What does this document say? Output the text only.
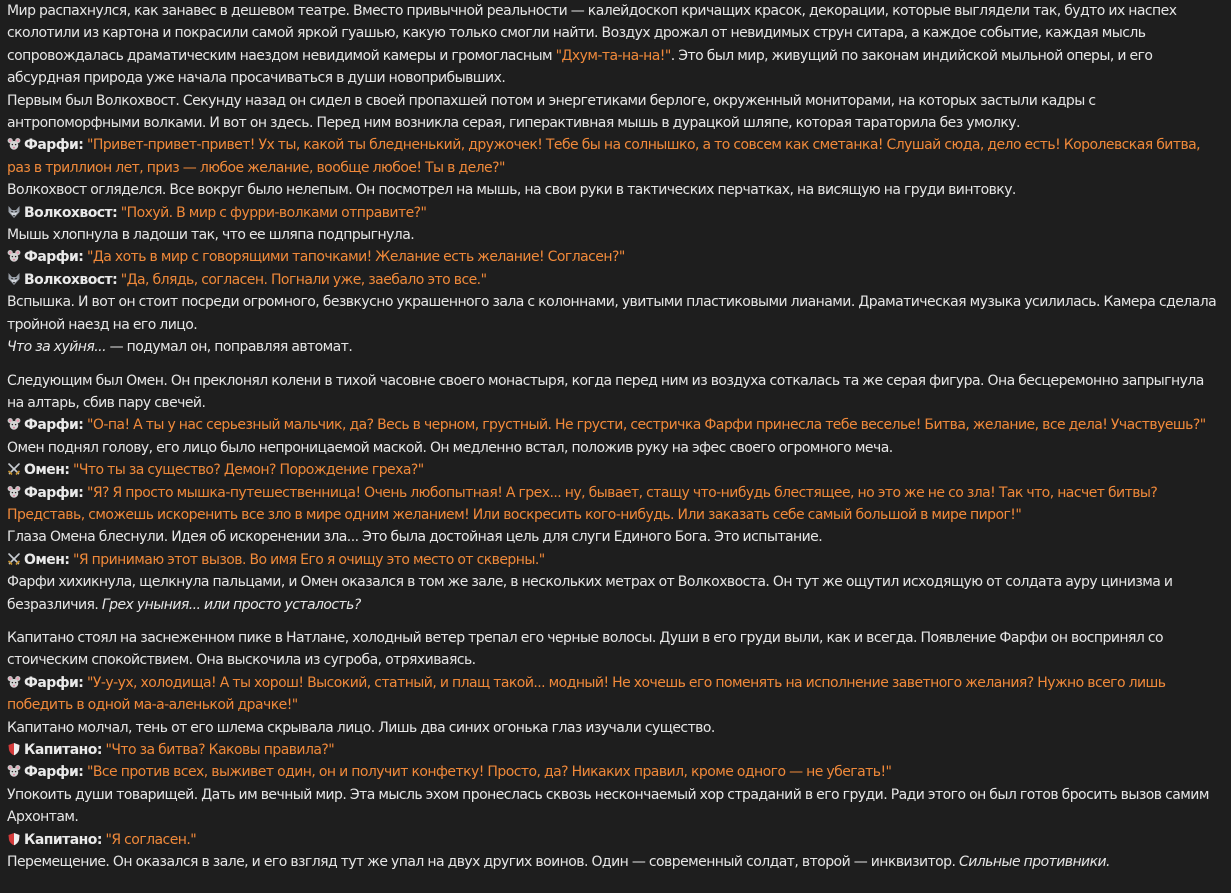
Мир распахнулся, как занавес в дешевом театре. Вместо привычной реальности — калейдоскоп кричащих красок, декорации, которые выглядели так, будто их наспех сколотили из картона и покрасили самой яркой гуашью, какую только смогли найти. Воздух дрожал от невидимых струн ситара, а каждое событие, каждая мысль сопровождалась драматическим наездом невидимой камеры и громогласным "Дхум-та-на-на!". Это был мир, живущий по законам индийской мыльной оперы, и его абсурдная природа уже начала просачиваться в души новоприбывших.
Первым был Волкохвост. Секунду назад он сидел в своей пропахшей потом и энергетиками берлоге, окруженный мониторами, на которых застыли кадры с антропоморфными волками. И вот он здесь. Перед ним возникла серая, гиперактивная мышь в дурацкой шляпе, которая тараторила без умолку.
Фарфи: "Привет-привет-привет! Ух ты, какой ты бледненький, дружочек! Тебе бы на солнышко, а то совсем как сметанка! Слушай сюда, дело есть! Королевская битва, раз в триллион лет, приз — любое желание, вообще любое! Ты в деле?"
Волкохвост огляделся. Все вокруг было нелепым. Он посмотрел на мышь, на свои руки в тактических перчатках, на висящую на груди винтовку.
Волкохвост: "Похуй. В мир с фурри-волками отправите?"
Мышь хлопнула в ладоши так, что ее шляпа подпрыгнула.
Фарфи: "Да хоть в мир с говорящими тапочками! Желание есть желание! Согласен?"
Волкохвост: "Да, блядь, согласен. Погнали уже, заебало это все."
Вспышка. И вот он стоит посреди огромного, безвкусно украшенного зала с колоннами, увитыми пластиковыми лианами. Драматическая музыка усилилась. Камера сделала тройной наезд на его лицо.
Что за хуйня... — подумал он, поправляя автомат.
Следующим был Омен. Он преклонял колени в тихой часовне своего монастыря, когда перед ним из воздуха соткалась та же серая фигура. Она бесцеремонно запрыгнула на алтарь, сбив пару свечей.
Фарфи: "О-па! А ты у нас серьезный мальчик, да? Весь в черном, грустный. Не грусти, сестричка Фарфи принесла тебе веселье! Битва, желание, все дела! Участвуешь?"
Омен поднял голову, его лицо было непроницаемой маской. Он медленно встал, положив руку на эфес своего огромного меча.
Омен: "Что ты за существо? Демон? Порождение греха?"
Фарфи: "Я? Я просто мышка-путешественница! Очень любопытная! А грех... ну, бывает, стащу что-нибудь блестящее, но это же не со зла! Так что, насчет битвы? Представь, сможешь искоренить все зло в мире одним желанием! Или воскресить кого-нибудь. Или заказать себе самый большой в мире пирог!"
Глаза Омена блеснули. Идея об искоренении зла... Это была достойная цель для слуги Единого Бога. Это испытание.
Омен: "Я принимаю этот вызов. Во имя Его я очищу это место от скверны."
Фарфи хихикнула, щелкнула пальцами, и Омен оказался в том же зале, в нескольких метрах от Волкохвоста. Он тут же ощутил исходящую от солдата ауру цинизма и безразличия. Грех уныния... или просто усталость?
Капитано стоял на заснеженном пике в Натлане, холодный ветер трепал его черные волосы. Души в его груди выли, как и всегда. Появление Фарфи он воспринял со стоическим спокойствием. Она выскочила из сугроба, отряхиваясь.
Фарфи: "У-у-ух, холодища! А ты хорош! Высокий, статный, и плащ такой... модный! Не хочешь его поменять на исполнение заветного желания? Нужно всего лишь победить в одной ма-а-аленькой драчке!"
Капитано молчал, тень от его шлема скрывала лицо. Лишь два синих огонька глаз изучали существо.
Капитано: "Что за битва? Каковы правила?"
Фарфи: "Все против всех, выживет один, он и получит конфетку! Просто, да? Никаких правил, кроме одного — не убегать!"
Упокоить души товарищей. Дать им вечный мир. Эта мысль эхом пронеслась сквозь нескончаемый хор страданий в его груди. Ради этого он был готов бросить вызов самим Архонтам.
Капитано: "Я согласен."
Перемещение. Он оказался в зале, и его взгляд тут же упал на двух других воинов. Один — современный солдат, второй — инквизитор. Сильные противники.
